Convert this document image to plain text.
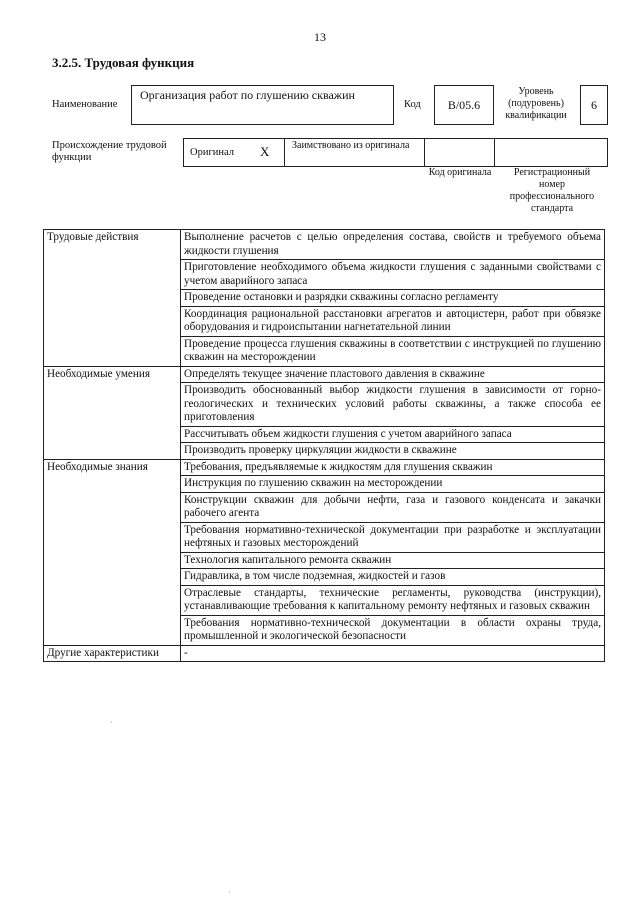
13
3.2.5. Трудовая функция
Наименование
Организация работ по глушению скважин
Код	В/05.6
Уровень (подуровень) квалификации
6
Происхождение трудовой функции	Оригинал X Заимствовано из оригинала
Код оригинала	Регистрационный номер профессионального стандарта
Трудовые действия	Выполнение расчетов с целью определения состава, свойств и требуемого объема жидкости глушения
	Приготовление необходимого объема жидкости глушения с заданными свойствами с учетом аварийного запаса
	Проведение остановки и разрядки скважины согласно регламенту
	Координация рациональной расстановки агрегатов и автоцистерн, работ при обвязке оборудования и гидроиспытании нагнетательной линии
	Проведение процесса глушения скважины в соответствии с инструкцией по глушению скважин на месторождении
Необходимые умения	Определять текущее значение пластового давления в скважине
	Производить обоснованный выбор жидкости глушения в зависимости от горно-геологических и технических условий работы скважины, а также способа ее приготовления
	Рассчитывать объем жидкости глушения с учетом аварийного запаса
	Производить проверку циркуляции жидкости в скважине
Необходимые знания	Требования, предъявляемые к жидкостям для глушения скважин
	Инструкция по глушению скважин на месторождении
	Конструкции скважин для добычи нефти, газа и газового конденсата и закачки рабочего агента
	Требования нормативно-технической документации при разработке и эксплуатации нефтяных и газовых месторождений
	Технология капитального ремонта скважин
	Гидравлика, в том числе подземная, жидкостей и газов
	Отраслевые стандарты, технические регламенты, руководства (инструкции), устанавливающие требования к капитальному ремонту нефтяных и газовых скважин
	Требования нормативно-технической документации в области охраны труда, промышленной и экологической безопасности
Другие характеристики	-
·
·
